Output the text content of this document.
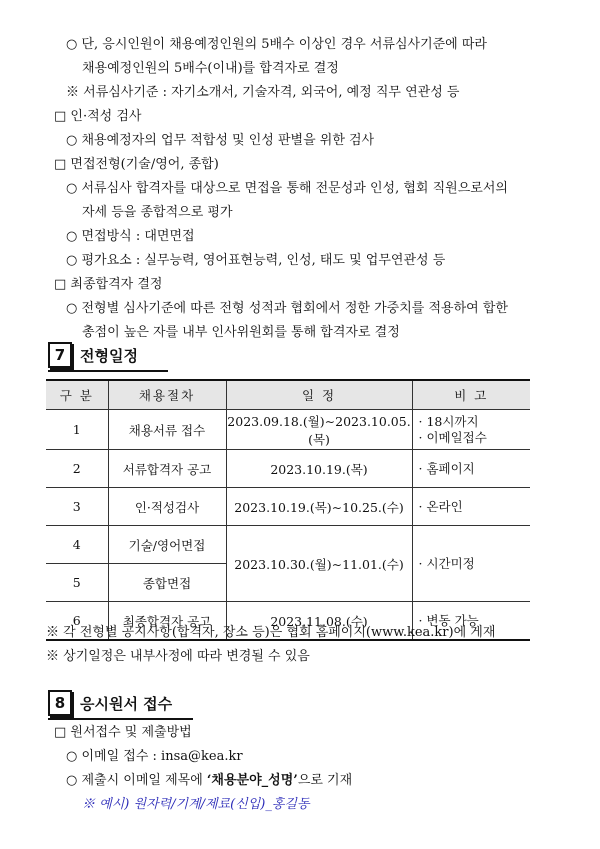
○ 단, 응시인원이 채용예정인원의 5배수 이상인 경우 서류심사기준에 따라
채용예정인원의 5배수(이내)를 합격자로 결정
※ 서류심사기준 : 자기소개서, 기술자격, 외국어, 예정 직무 연관성 등
□ 인·적성 검사
○ 채용예정자의 업무 적합성 및 인성 판별을 위한 검사
□ 면접전형(기술/영어, 종합)
○ 서류심사 합격자를 대상으로 면접을 통해 전문성과 인성, 협회 직원으로서의
자세 등을 종합적으로 평가
○ 면접방식 : 대면면접
○ 평가요소 : 실무능력, 영어표현능력, 인성, 태도 및 업무연관성 등
□ 최종합격자 결정
○ 전형별 심사기준에 따른 전형 성적과 협회에서 정한 가중치를 적용하여 합한
총점이 높은 자를 내부 인사위원회를 통해 합격자로 결정
7 전형일정
구 분	채용절차	일 정	비 고
1	채용서류 접수	2023.09.18.(월)∼2023.10.05.(목)	· 18시까지
· 이메일접수

2	서류합격자 공고	2023.10.19.(목)	· 홈페이지
3	인·적성검사	2023.10.19.(목)∼10.25.(수)	· 온라인
4	기술/영어면접	2023.10.30.(월)∼11.01.(수)	· 시간미정
5	종합면접		
6	최종합격자 공고	2023.11.08.(수)	· 변동 가능
※ 각 전형별 공지사항(합격자, 장소 등)은 협회 홈페이지(www.kea.kr)에 게재
※ 상기일정은 내부사정에 따라 변경될 수 있음
8 응시원서 접수
□ 원서접수 및 제출방법
○ 이메일 접수 : insa@kea.kr
○ 제출시 이메일 제목에 ‘채용분야_성명’으로 기재
※ 예시) 원자력/기계/제료(신입)_홍길동
